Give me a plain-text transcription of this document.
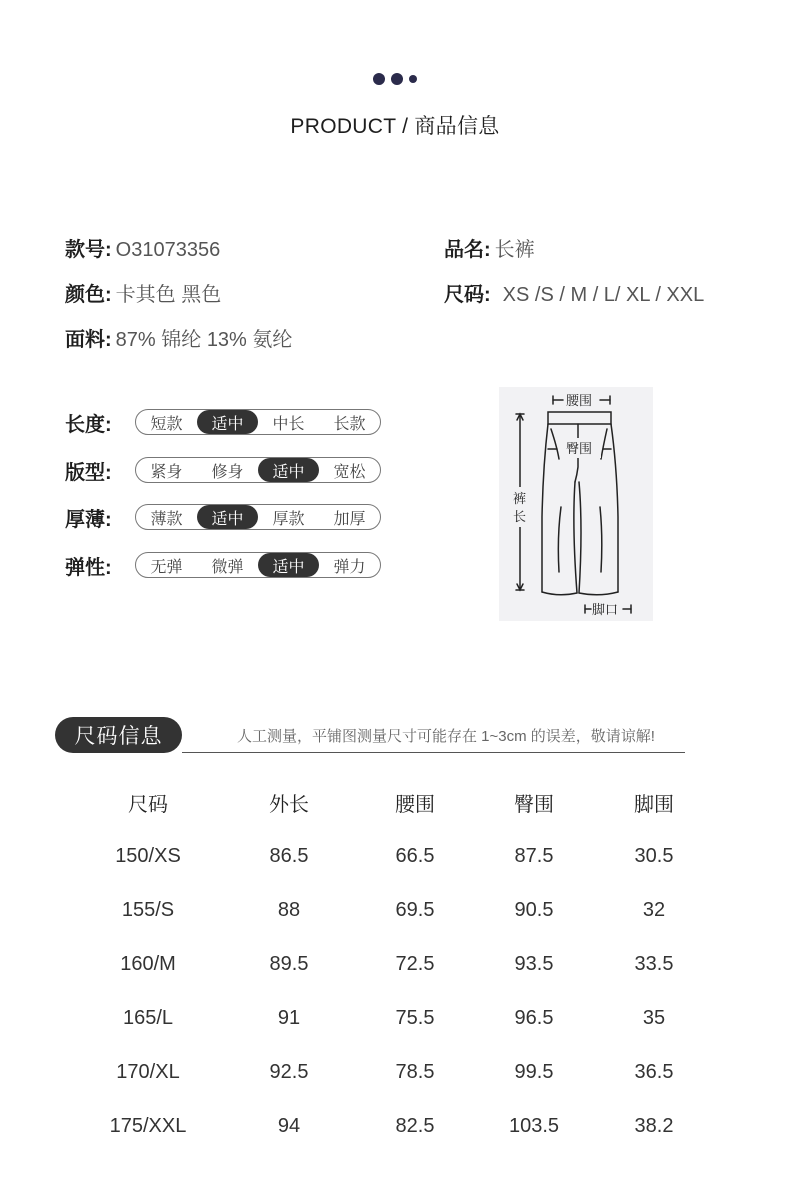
PRODUCT / 商品信息
款号: O31073356	品名: 长裤
颜色: 卡其色 黑色	尺码: XS /S / M / L/ XL / XXL
面料: 87% 锦纶 13% 氨纶
长度:	短款	适中	中长	长款
版型:	紧身	修身	适中	宽松
厚薄:	薄款	适中	厚款	加厚
弹性:	无弹	微弹	适中	弹力
腰围
臀围
裤
长
脚口
尺码信息	人工测量，平铺图测量尺寸可能存在 1~3cm 的误差，敬请谅解!
尺码	外长	腰围	臀围	脚围
150/XS	86.5	66.5	87.5	30.5
155/S	88	69.5	90.5	32
160/M	89.5	72.5	93.5	33.5
165/L	91	75.5	96.5	35
170/XL	92.5	78.5	99.5	36.5
175/XXL	94	82.5	103.5	38.2
